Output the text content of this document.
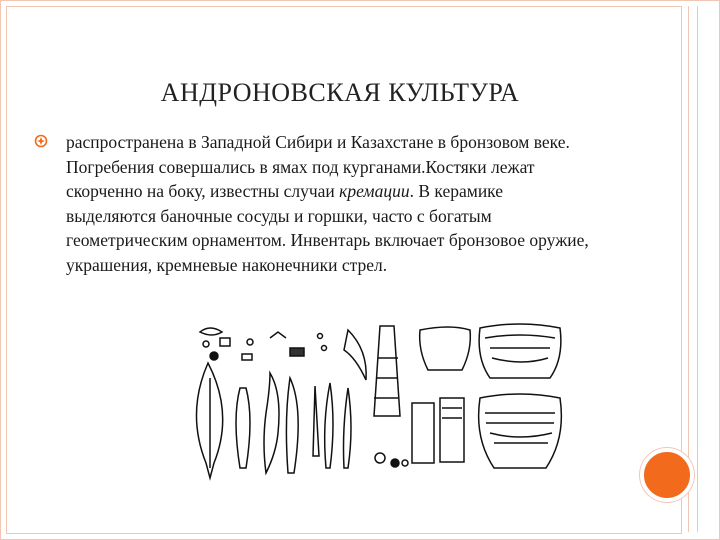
АНДРОНОВСКАЯ КУЛЬТУРА
распространена в Западной Сибири и Казахстане в бронзовом веке. Погребения совершались в ямах под курганами.Костяки лежат скорченно на боку, известны случаи кремации. В керамике выделяются баночные сосуды и горшки, часто с богатым геометрическим орнаментом. Инвентарь включает бронзовое оружие, украшения, кремневые наконечники стрел.
